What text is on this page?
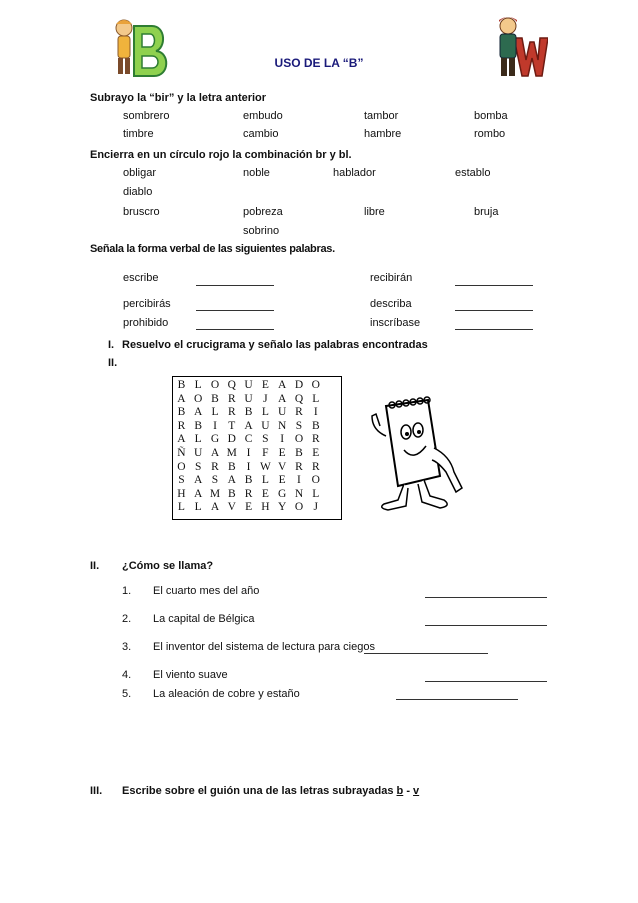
USO DE LA “B”
Subrayo la “bir” y la letra anterior
sombrero	embudo	tambor	bomba
timbre	cambio	hambre	rombo
Encierra en un círculo rojo la combinación br y bl.
obligar	noble	hablador	establo
diablo
bruscro	pobreza	libre	bruja
sobrino
Señala la forma verbal de las siguientes palabras.
escribe	recibirán
percibirás	describa
prohibido	inscríbase
I. Resuelvo el crucigrama y señalo las palabras encontradas
II.
B L O Q U E A D O
A O B R U J A Q L
B A L R B L U R I
R B I T A U N S B
A L G D C S	I O R
Ñ U A M I	F E B E
O S R B I W V R R
S A S A B L E I O
H A M B R E G N L
L L A V E H Y O J
II. ¿Cómo se llama?
1. El cuarto mes del año
2. La capital de Bélgica
3. El inventor del sistema de lectura para ciegos
4. El viento suave
5. La aleación de cobre y estaño
III. Escribe sobre el guión una de las letras subrayadas b - v
